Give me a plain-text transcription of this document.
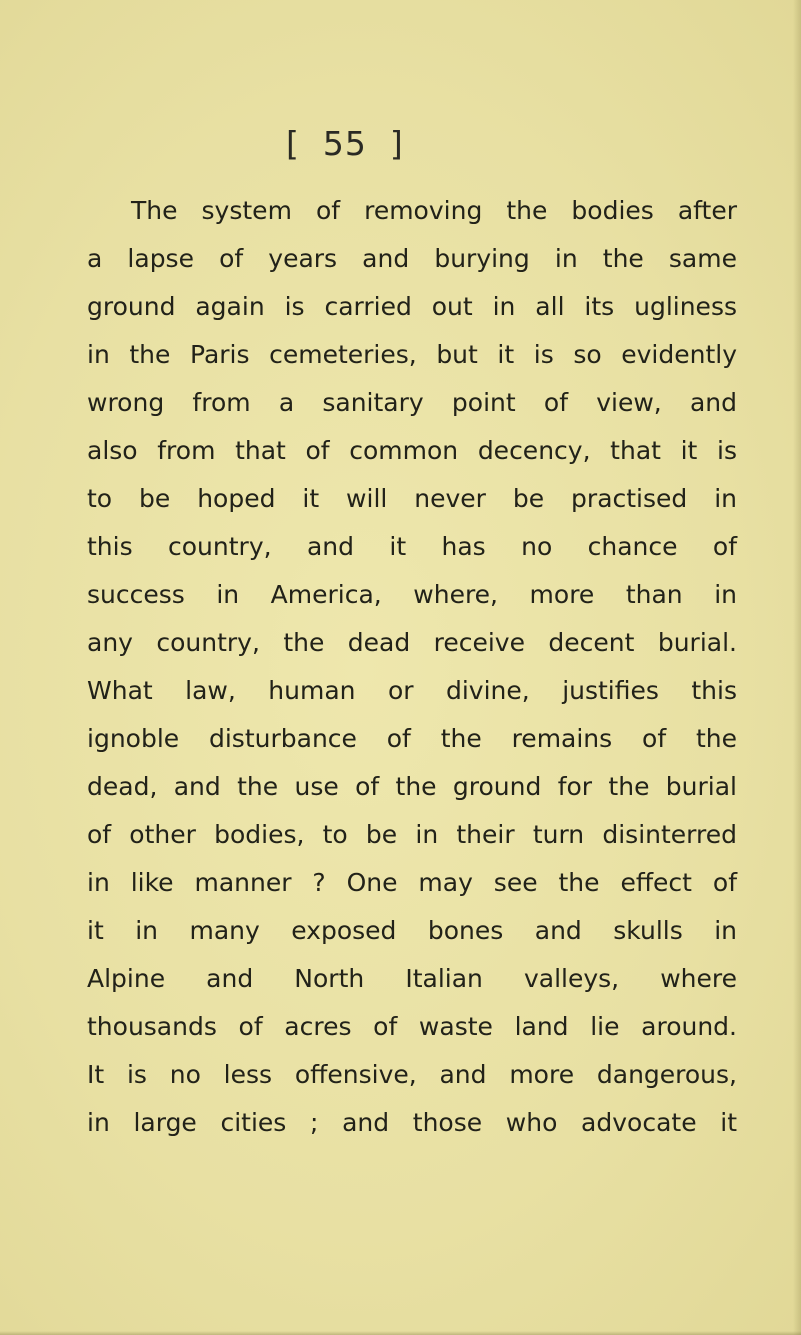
[  55  ]
The system of removing the bodies after
a lapse of years and burying in the same
ground again is carried out in all its ugliness
in the Paris cemeteries, but it is so evidently
wrong from a sanitary point of view, and
also from that of common decency, that it is
to be hoped it will never be practised in
this country, and it has no chance of
success in America, where, more than in
any country, the dead receive decent burial.
What law, human or divine, justifies this
ignoble disturbance of the remains of the
dead, and the use of the ground for the burial
of other bodies, to be in their turn disinterred
in like manner ? One may see the effect of
it in many exposed bones and skulls in
Alpine and North Italian valleys, where
thousands of acres of waste land lie around.
It is no less offensive, and more dangerous,
in large cities ; and those who advocate it
